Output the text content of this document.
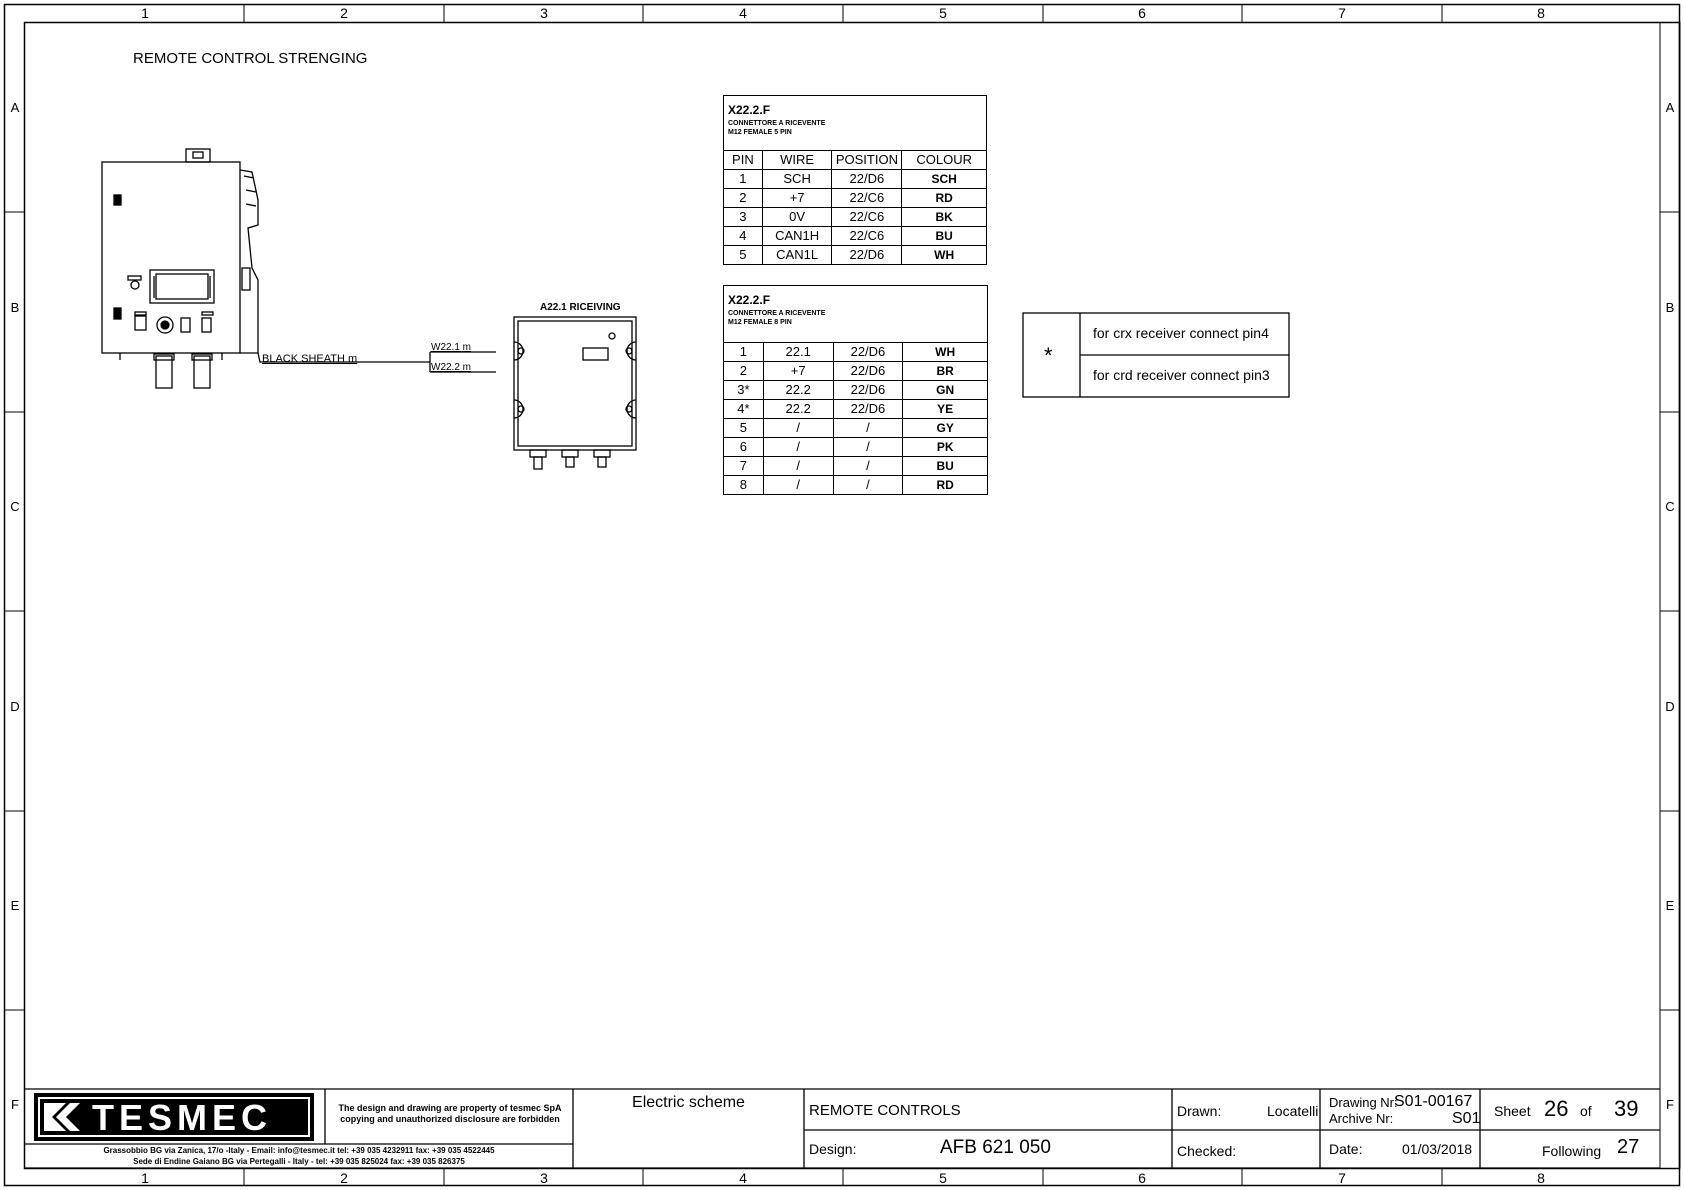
1	2	3	4	5	6	7	8
1	2	3	4	5	6	7	8
A
B
C
D
E
F
A
B
C
D
E
F
REMOTE CONTROL STRENGING
A22.1 RICEIVING
BLACK SHEATH m
W22.1 m
W22.2 m
X22.2.F
CONNETTORE A RICEVENTE
M12 FEMALE 5 PIN
PIN	WIRE	POSITION	COLOUR
1	SCH	22/D6	SCH
2	+7	22/C6	RD
3	0V	22/C6	BK
4	CAN1H	22/C6	BU
5	CAN1L	22/D6	WH
X22.2.F
CONNETTORE A RICEVENTE
M12 FEMALE 8 PIN
1	22.1	22/D6	WH
2	+7	22/D6	BR
3*	22.2	22/D6	GN
4*	22.2	22/D6	YE
5	/	/	GY
6	/	/	PK
7	/	/	BU
8	/	/	RD
*
for crx receiver connect pin4
for crd receiver connect pin3
TESMEC	The design and drawing are property of tesmec SpA
copying and unauthorized disclosure are forbidden
Grassobbio BG via Zanica, 17/o -Italy - Email: info@tesmec.it tel: +39 035 4232911 fax: +39 035 4522445
Sede di Endine Gaiano BG via Pertegalli - Italy - tel: +39 035 825024 fax: +39 035 826375
Electric scheme	REMOTE CONTROLS
Design:	AFB 621 050
Drawn:	Locatelli
Checked:
Drawing Nr:
S01-00167
Archive Nr:	S01
Date:	01/03/2018
Sheet 26 of 39
Following 27
